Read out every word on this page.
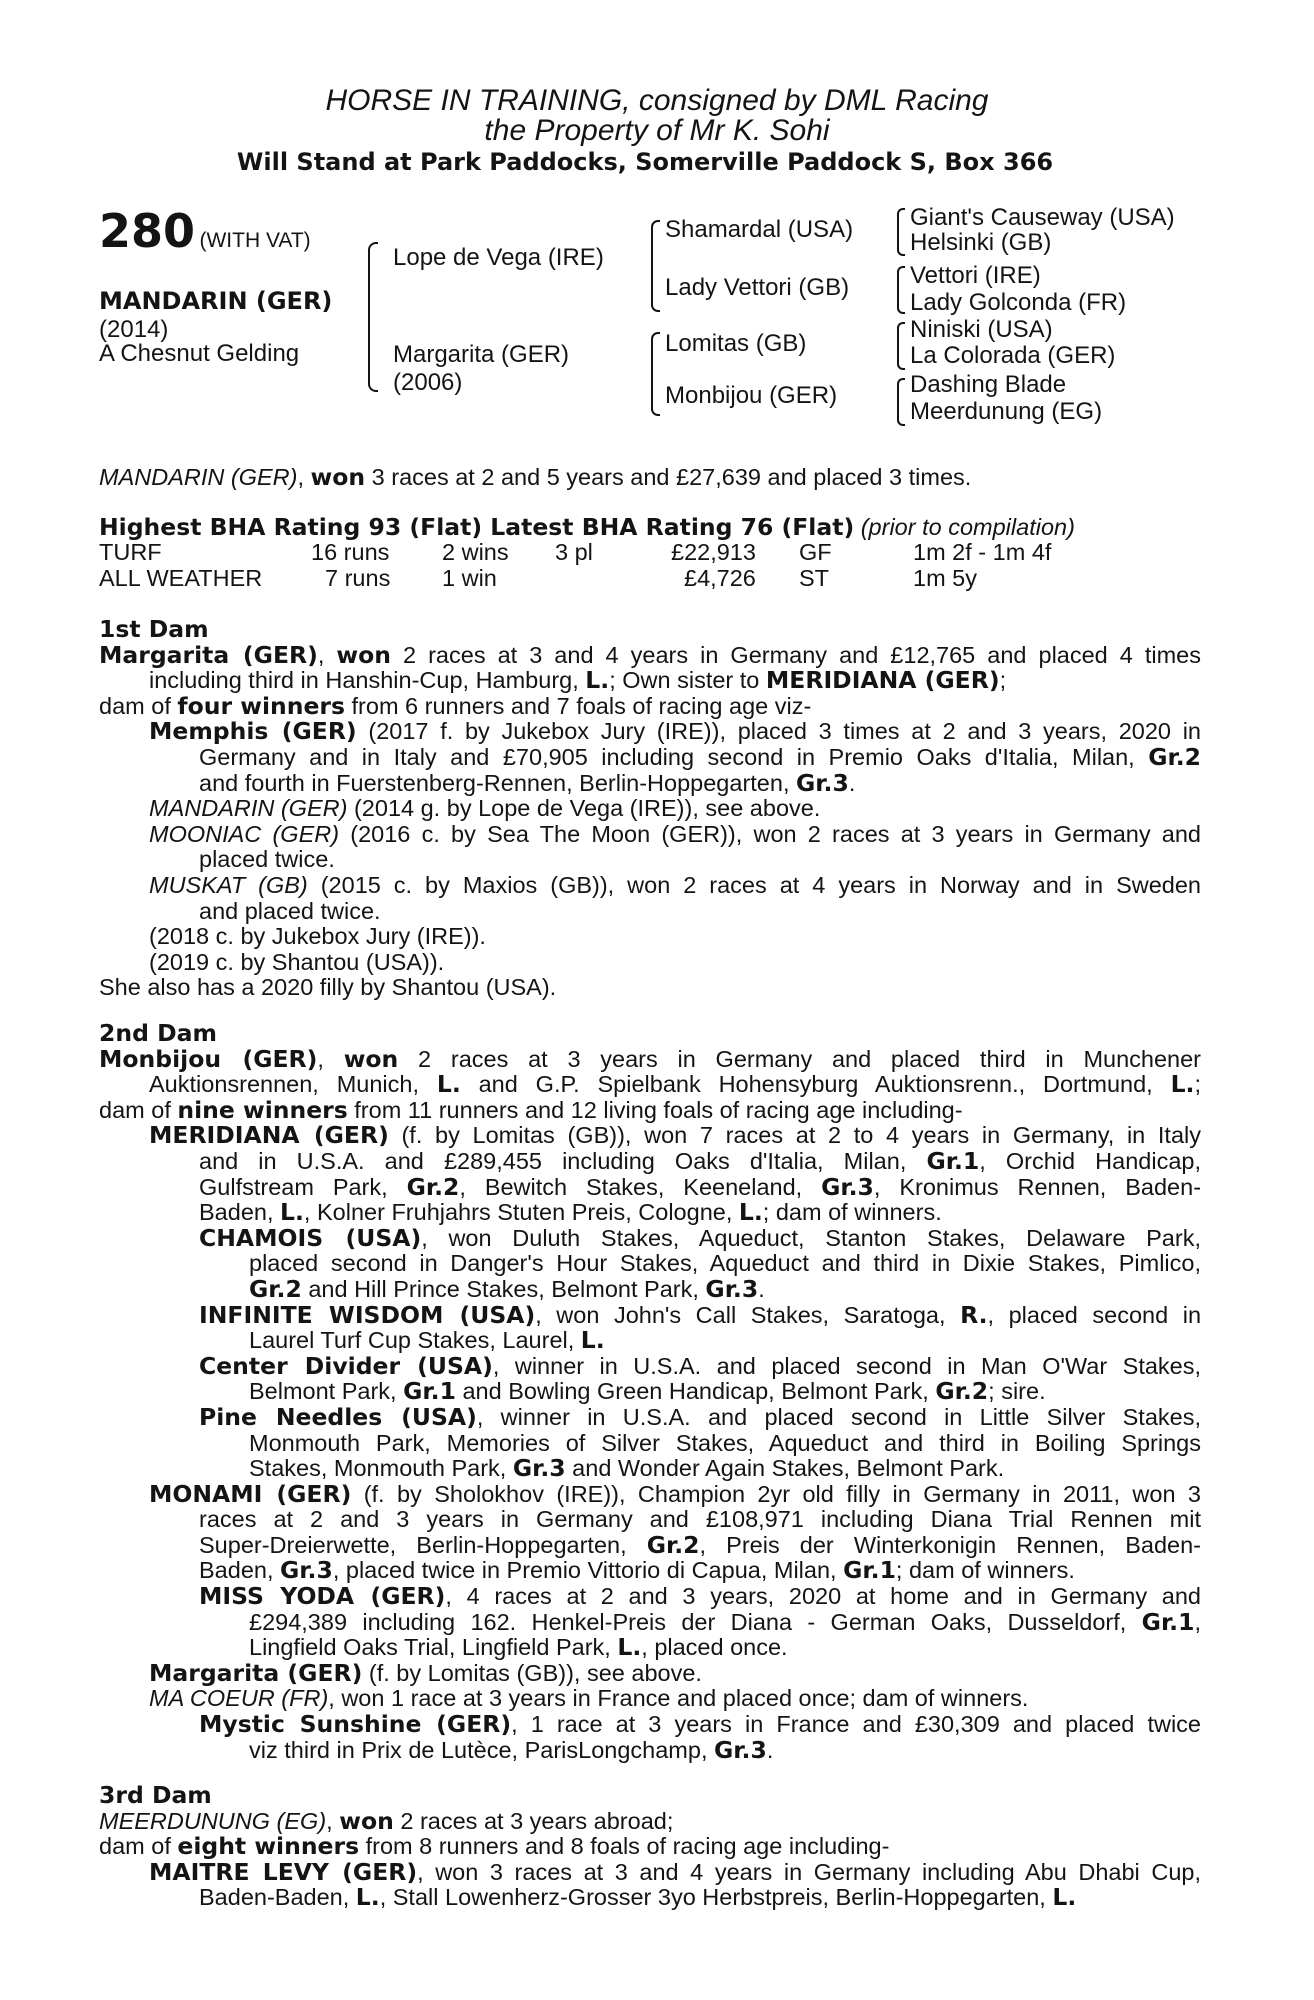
HORSE IN TRAINING, consigned by DML Racing
the Property of Mr K. Sohi
Will Stand at Park Paddocks, Somerville Paddock S, Box 366
280 (WITH VAT)
MANDARIN (GER)
(2014)
A Chesnut Gelding
Lope de Vega (IRE)
Margarita (GER)
(2006)
Shamardal (USA)
Lady Vettori (GB)
Lomitas (GB)
Monbijou (GER)
Giant's Causeway (USA)
Helsinki (GB)
Vettori (IRE)
Lady Golconda (FR)
Niniski (USA)
La Colorada (GER)
Dashing Blade
Meerdunung (EG)
MANDARIN (GER), won 3 races at 2 and 5 years and £27,639 and placed 3 times.
Highest BHA Rating 93 (Flat) Latest BHA Rating 76 (Flat) (prior to compilation)
TURF	16 runs 2 wins 3 pl	£22,913 GF	1m 2f - 1m 4f
ALL WEATHER	7 runs 1 win	£4,726 ST	1m 5y
1st Dam
Margarita (GER), won 2 races at 3 and 4 years in Germany and £12,765 and placed 4 times
including third in Hanshin-Cup, Hamburg, L.; Own sister to MERIDIANA (GER);
dam of four winners from 6 runners and 7 foals of racing age viz-
Memphis (GER) (2017 f. by Jukebox Jury (IRE)), placed 3 times at 2 and 3 years, 2020 in
Germany and in Italy and £70,905 including second in Premio Oaks d'Italia, Milan, Gr.2
and fourth in Fuerstenberg-Rennen, Berlin-Hoppegarten, Gr.3.
MANDARIN (GER) (2014 g. by Lope de Vega (IRE)), see above.
MOONIAC (GER) (2016 c. by Sea The Moon (GER)), won 2 races at 3 years in Germany and
placed twice.
MUSKAT (GB) (2015 c. by Maxios (GB)), won 2 races at 4 years in Norway and in Sweden
and placed twice.
(2018 c. by Jukebox Jury (IRE)).
(2019 c. by Shantou (USA)).
She also has a 2020 filly by Shantou (USA).
2nd Dam
Monbijou (GER), won 2 races at 3 years in Germany and placed third in Munchener
Auktionsrennen, Munich, L. and G.P. Spielbank Hohensyburg Auktionsrenn., Dortmund, L.;
dam of nine winners from 11 runners and 12 living foals of racing age including-
MERIDIANA (GER) (f. by Lomitas (GB)), won 7 races at 2 to 4 years in Germany, in Italy
and in U.S.A. and £289,455 including Oaks d'Italia, Milan, Gr.1, Orchid Handicap,
Gulfstream Park, Gr.2, Bewitch Stakes, Keeneland, Gr.3, Kronimus Rennen, Baden-
Baden, L., Kolner Fruhjahrs Stuten Preis, Cologne, L.; dam of winners.
CHAMOIS (USA), won Duluth Stakes, Aqueduct, Stanton Stakes, Delaware Park,
placed second in Danger's Hour Stakes, Aqueduct and third in Dixie Stakes, Pimlico,
Gr.2 and Hill Prince Stakes, Belmont Park, Gr.3.
INFINITE WISDOM (USA), won John's Call Stakes, Saratoga, R., placed second in
Laurel Turf Cup Stakes, Laurel, L.
Center Divider (USA), winner in U.S.A. and placed second in Man O'War Stakes,
Belmont Park, Gr.1 and Bowling Green Handicap, Belmont Park, Gr.2; sire.
Pine Needles (USA), winner in U.S.A. and placed second in Little Silver Stakes,
Monmouth Park, Memories of Silver Stakes, Aqueduct and third in Boiling Springs
Stakes, Monmouth Park, Gr.3 and Wonder Again Stakes, Belmont Park.
MONAMI (GER) (f. by Sholokhov (IRE)), Champion 2yr old filly in Germany in 2011, won 3
races at 2 and 3 years in Germany and £108,971 including Diana Trial Rennen mit
Super-Dreierwette, Berlin-Hoppegarten, Gr.2, Preis der Winterkonigin Rennen, Baden-
Baden, Gr.3, placed twice in Premio Vittorio di Capua, Milan, Gr.1; dam of winners.
MISS YODA (GER), 4 races at 2 and 3 years, 2020 at home and in Germany and
£294,389 including 162. Henkel-Preis der Diana - German Oaks, Dusseldorf, Gr.1,
Lingfield Oaks Trial, Lingfield Park, L., placed once.
Margarita (GER) (f. by Lomitas (GB)), see above.
MA COEUR (FR), won 1 race at 3 years in France and placed once; dam of winners.
Mystic Sunshine (GER), 1 race at 3 years in France and £30,309 and placed twice
viz third in Prix de Lutèce, ParisLongchamp, Gr.3.
3rd Dam
MEERDUNUNG (EG), won 2 races at 3 years abroad;
dam of eight winners from 8 runners and 8 foals of racing age including-
MAITRE LEVY (GER), won 3 races at 3 and 4 years in Germany including Abu Dhabi Cup,
Baden-Baden, L., Stall Lowenherz-Grosser 3yo Herbstpreis, Berlin-Hoppegarten, L.
